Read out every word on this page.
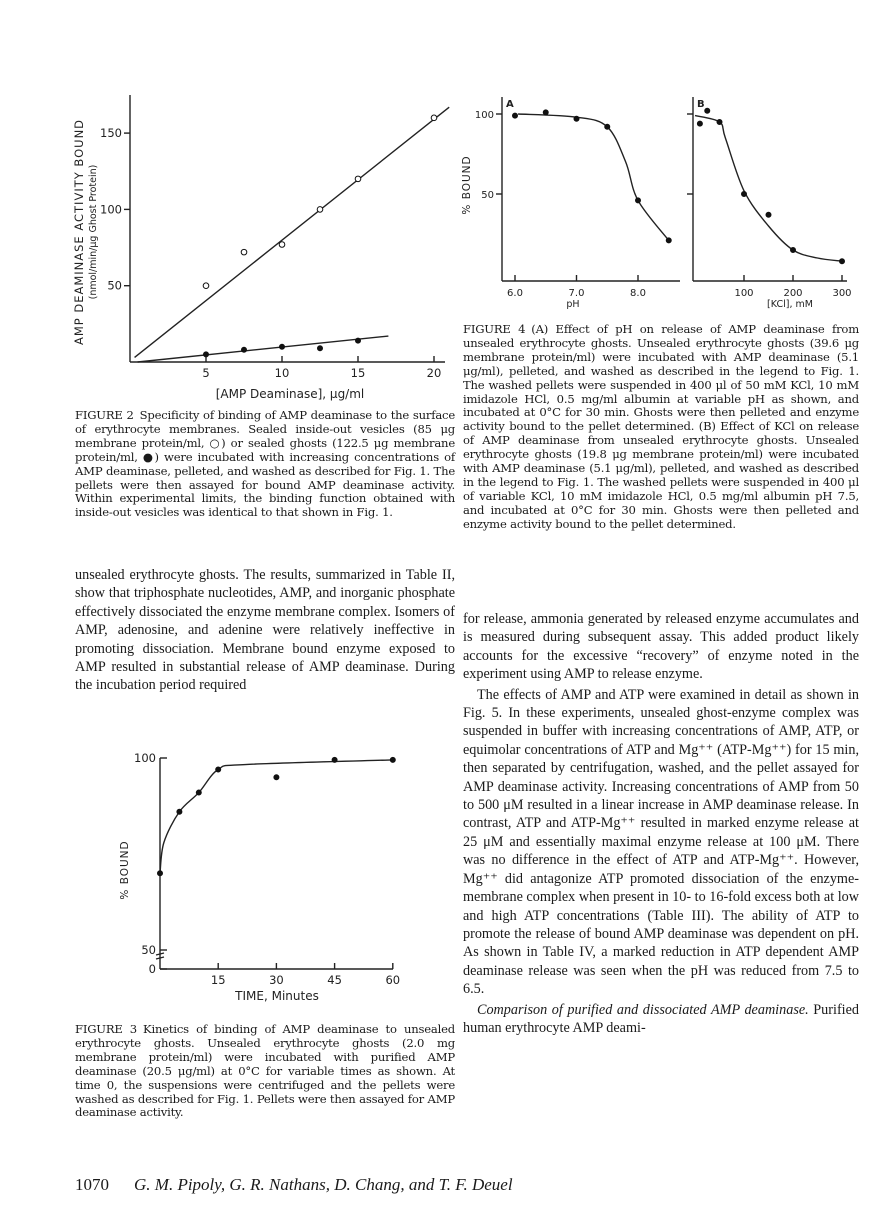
5	10	15	20
50
100
150
[AMP Deaminase], μg/ml
AMP DEAMINASE ACTIVITY BOUND (nmol/min/μg Ghost Protein)	6.0	7.0	8.0
50
100
pH
% BOUND
A
100	200	300
[KCl], mM
B
15	30	45	60
0
50
100
TIME, Minutes
% BOUND
FIGURE 2 Specificity of binding of AMP deaminase to the surface of erythrocyte membranes. Sealed inside-out vesicles (85 μg membrane protein/ml, ○) or sealed ghosts (122.5 μg membrane protein/ml, ●) were incubated with increasing concentrations of AMP deaminase, pelleted, and washed as described for Fig. 1. The pellets were then assayed for bound AMP deaminase activity. Within experimental limits, the binding function obtained with inside-out vesicles was identical to that shown in Fig. 1.
FIGURE 4 (A) Effect of pH on release of AMP deaminase from unsealed erythrocyte ghosts. Unsealed erythrocyte ghosts (39.6 μg membrane protein/ml) were incubated with AMP deaminase (5.1 μg/ml), pelleted, and washed as described in the legend to Fig. 1. The washed pellets were suspended in 400 μl of 50 mM KCl, 10 mM imidazole HCl, 0.5 mg/ml albumin at variable pH as shown, and incubated at 0°C for 30 min. Ghosts were then pelleted and enzyme activity bound to the pellet determined. (B) Effect of KCl on release of AMP deaminase from unsealed erythrocyte ghosts. Unsealed erythrocyte ghosts (19.8 μg membrane protein/ml) were incubated with AMP deaminase (5.1 μg/ml), pelleted, and washed as described in the legend to Fig. 1. The washed pellets were suspended in 400 μl of variable KCl, 10 mM imidazole HCl, 0.5 mg/ml albumin pH 7.5, and incubated at 0°C for 30 min. Ghosts were then pelleted and enzyme activity bound to the pellet determined.
unsealed erythrocyte ghosts. The results, summarized in Table II, show that triphosphate nucleotides, AMP, and inorganic phosphate effectively dissociated the enzyme membrane complex. Isomers of AMP, adenosine, and adenine were relatively ineffective in promoting dissociation. Membrane bound enzyme exposed to AMP resulted in substantial release of AMP deaminase. During the incubation period required

for release, ammonia generated by released enzyme accumulates and is measured during subsequent assay. This added product likely accounts for the excessive “recovery” of enzyme noted in the experiment using AMP to release enzyme.

The effects of AMP and ATP were examined in detail as shown in Fig. 5. In these experiments, unsealed ghost-enzyme complex was suspended in buffer with increasing concentrations of AMP, ATP, or equimolar concentrations of ATP and Mg⁺⁺ (ATP-Mg⁺⁺) for 15 min, then separated by centrifugation, washed, and the pellet assayed for AMP deaminase activity. Increasing concentrations of AMP from 50 to 500 μM resulted in a linear increase in AMP deaminase release. In contrast, ATP and ATP-Mg⁺⁺ resulted in marked enzyme release at 25 μM and essentially maximal enzyme release at 100 μM. There was no difference in the effect of ATP and ATP-Mg⁺⁺. However, Mg⁺⁺ did antagonize ATP promoted dissociation of the enzyme-membrane complex when present in 10- to 16-fold excess both at low and high ATP concentrations (Table III). The ability of ATP to promote the release of bound AMP deaminase was dependent on pH. As shown in Table IV, a marked reduction in ATP dependent AMP deaminase release was seen when the pH was reduced from 7.5 to 6.5.

Comparison of purified and dissociated AMP deaminase. Purified human erythrocyte AMP deami-

FIGURE 3 Kinetics of binding of AMP deaminase to unsealed erythrocyte ghosts. Unsealed erythrocyte ghosts (2.0 mg membrane protein/ml) were incubated with purified AMP deaminase (20.5 μg/ml) at 0°C for variable times as shown. At time 0, the suspensions were centrifuged and the pellets were washed as described for Fig. 1. Pellets were then assayed for AMP deaminase activity.
1070 G. M. Pipoly, G. R. Nathans, D. Chang, and T. F. Deuel
